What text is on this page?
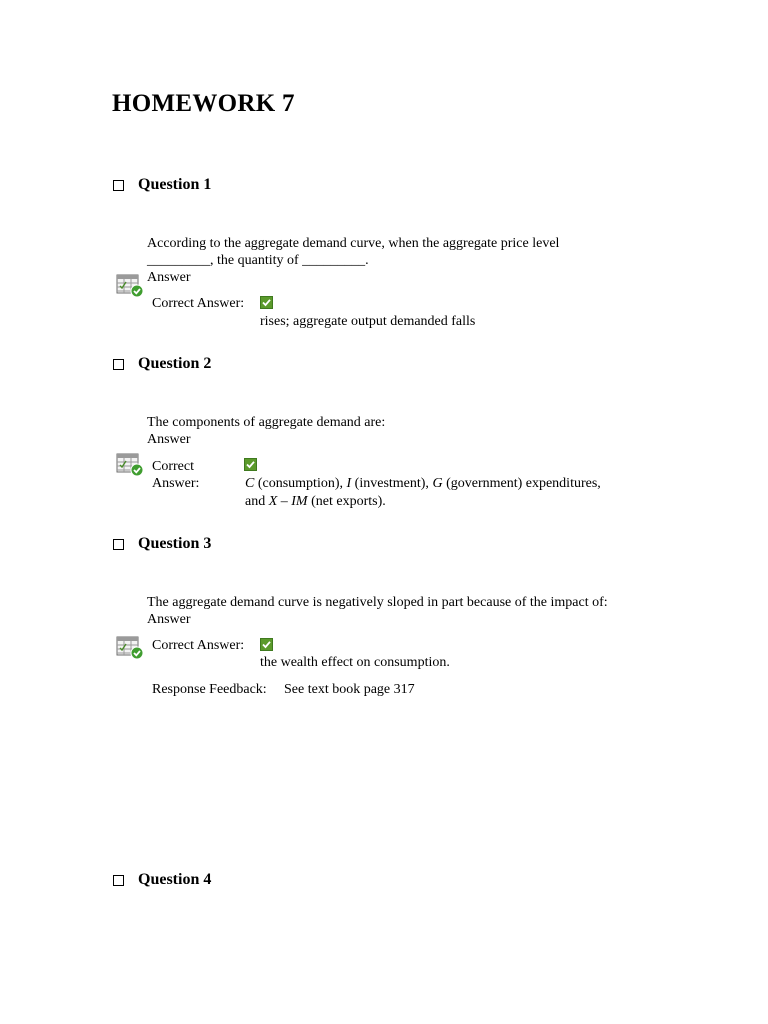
HOMEWORK 7
Question 1
According to the aggregate demand curve, when the aggregate price level
_________, the quantity of _________.
Answer
Correct Answer:
rises; aggregate output demanded falls
Question 2
The components of aggregate demand are:
Answer
Correct
Answer:	C (consumption), I (investment), G (government) expenditures,
and X – IM (net exports).
Question 3
The aggregate demand curve is negatively sloped in part because of the impact of:
Answer
Correct Answer:
the wealth effect on consumption.
Response Feedback: See text book page 317
Question 4
